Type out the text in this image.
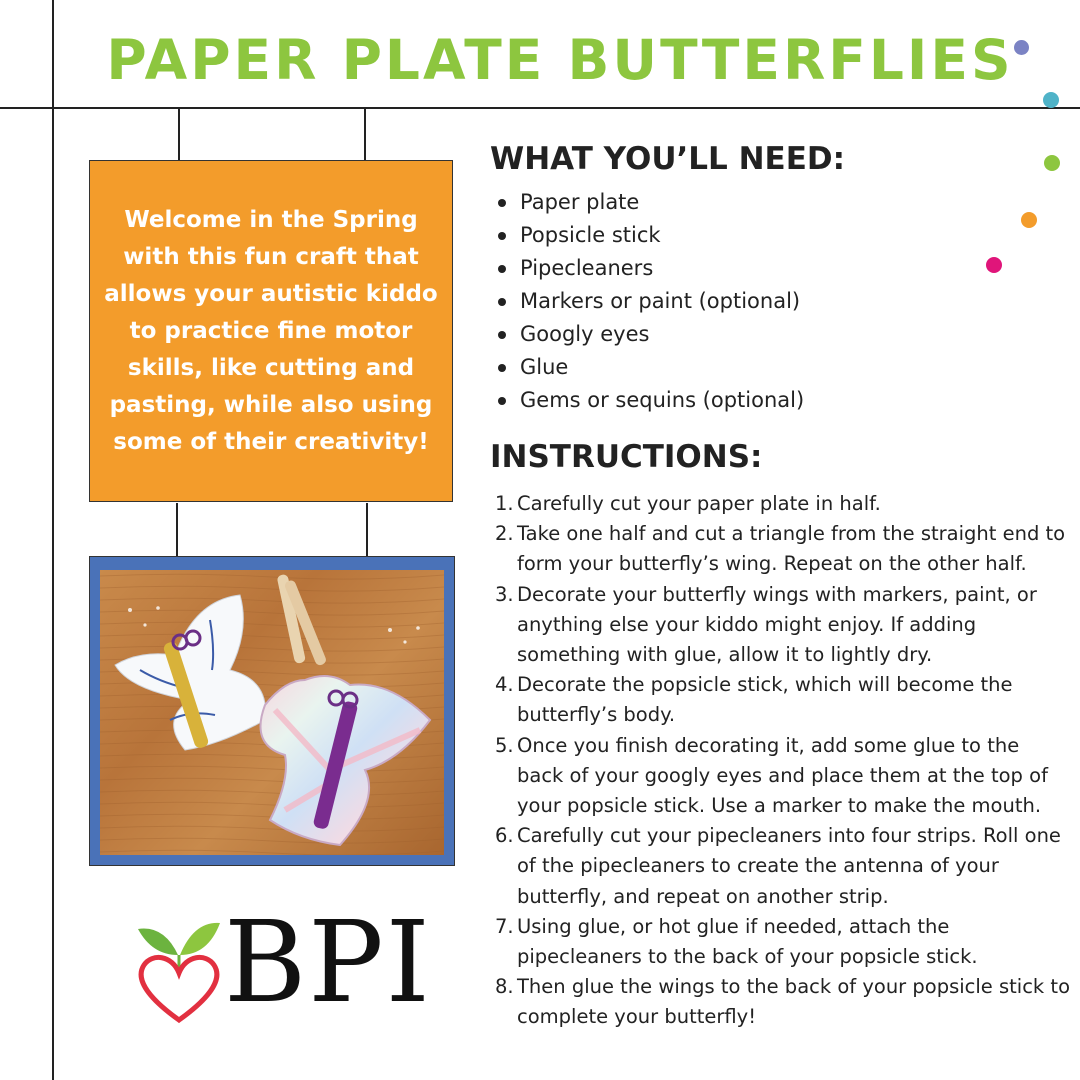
PAPER PLATE BUTTERFLIES
Welcome in the Spring with this fun craft that allows your autistic kiddo to practice fine motor skills, like cutting and pasting, while also using some of their creativity!
BPI
WHAT YOU’LL NEED:
Paper plate
Popsicle stick
Pipecleaners
Markers or paint (optional)
Googly eyes
Glue
Gems or sequins (optional)
INSTRUCTIONS:
1. Carefully cut your paper plate in half.
2. Take one half and cut a triangle from the straight end to form your butterfly’s wing. Repeat on the other half.
3. Decorate your butterfly wings with markers, paint, or anything else your kiddo might enjoy. If adding something with glue, allow it to lightly dry.
4. Decorate the popsicle stick, which will become the butterfly’s body.
5. Once you finish decorating it, add some glue to the back of your googly eyes and place them at the top of your popsicle stick. Use a marker to make the mouth.
6. Carefully cut your pipecleaners into four strips. Roll one of the pipecleaners to create the antenna of your butterfly, and repeat on another strip.
7. Using glue, or hot glue if needed, attach the pipecleaners to the back of your popsicle stick.
8. Then glue the wings to the back of your popsicle stick to complete your butterfly!
